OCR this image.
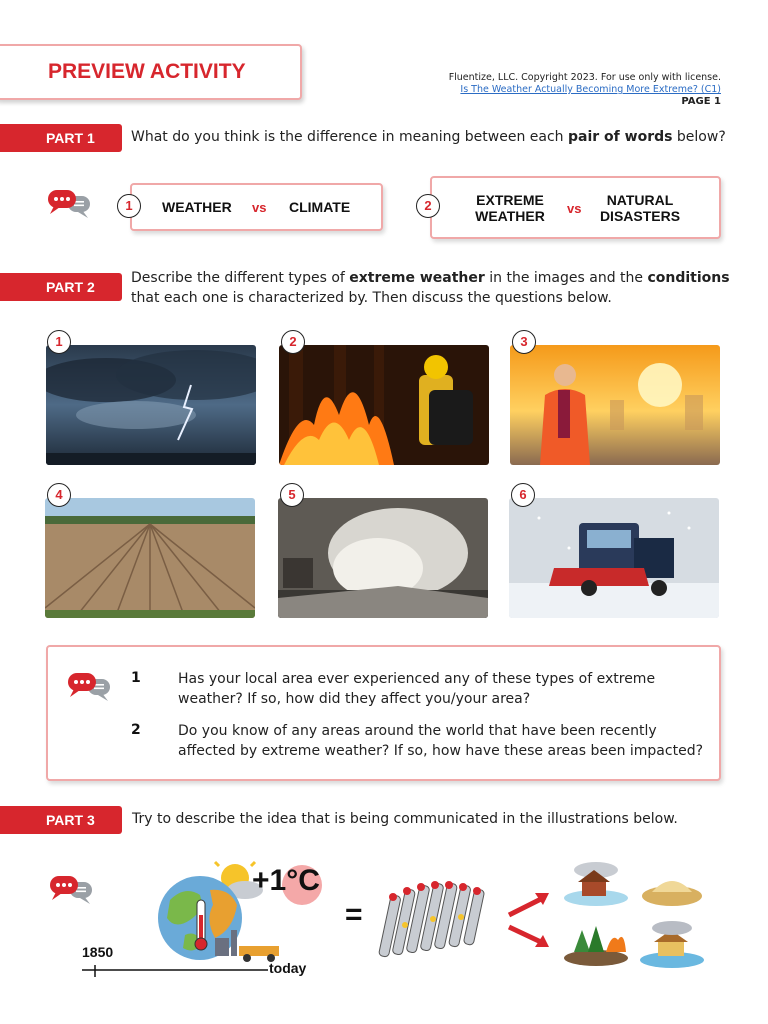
PREVIEW ACTIVITY	Fluentize, LLC. Copyright 2023. For use only with license.
Is The Weather Actually Becoming More Extreme? (C1)
PAGE 1
PART 1	What do you think is the difference in meaning between each pair of words below?
1	WEATHER vs CLIMATE	2	EXTREME
WEATHER	vs
NATURAL
DISASTERS
PART 2
Describe the different types of extreme weather in the images and the conditions
that each one is characterized by. Then discuss the questions below.
1	2	3
4	5	6
1	Has your local area ever experienced any of these types of extreme
weather? If so, how did they affect you/your area?
2	Do you know of any areas around the world that have been recently
affected by extreme weather? If so, how have these areas been impacted?
PART 3	Try to describe the idea that is being communicated in the illustrations below.
+1°C
1850
today
=
